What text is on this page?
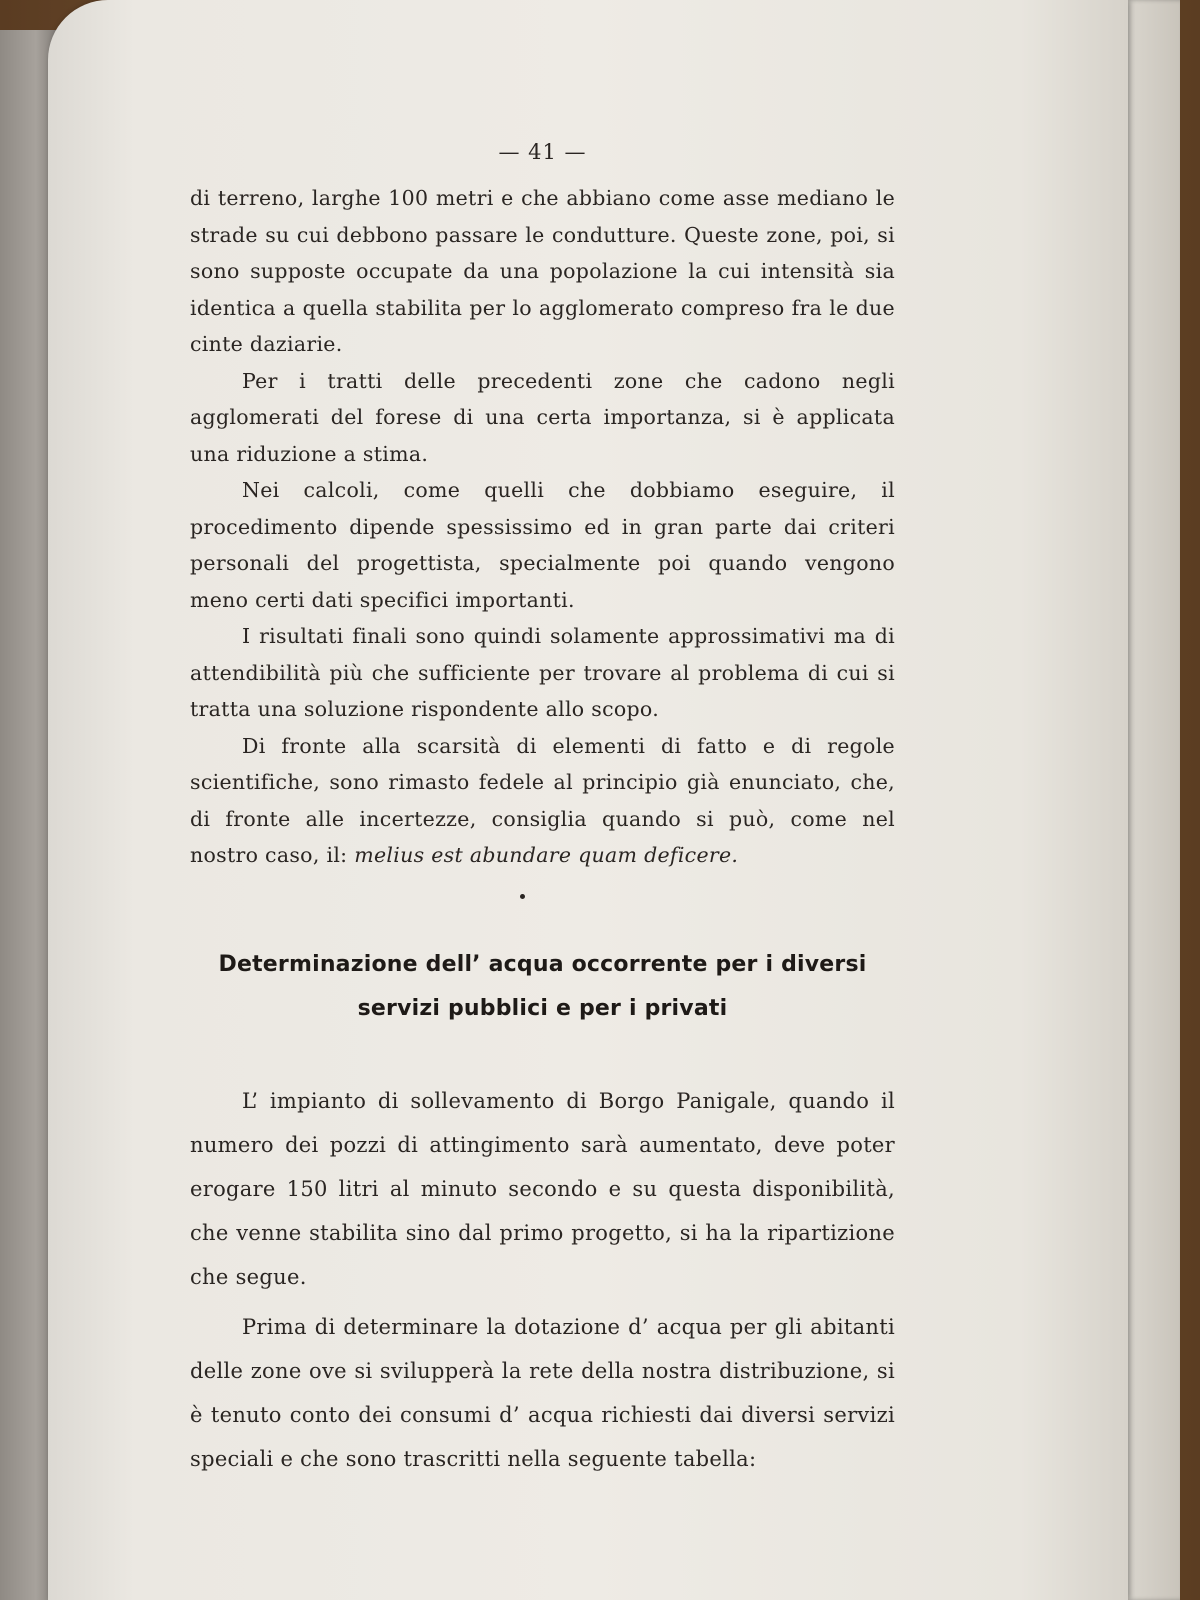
— 41 —

di terreno, larghe 100 metri e che abbiano come asse mediano le strade su cui debbono passare le condutture. Queste zone, poi, si sono supposte occupate da una popolazione la cui intensità sia identica a quella stabilita per lo agglomerato compreso fra le due cinte daziarie.

Per i tratti delle precedenti zone che cadono negli agglomerati del forese di una certa importanza, si è applicata una riduzione a stima.

Nei calcoli, come quelli che dobbiamo eseguire, il procedimento dipende spessissimo ed in gran parte dai criteri personali del progettista, specialmente poi quando vengono meno certi dati specifici importanti.

I risultati finali sono quindi solamente approssimativi ma di attendibilità più che sufficiente per trovare al problema di cui si tratta una soluzione rispondente allo scopo.

Di fronte alla scarsità di elementi di fatto e di regole scientifiche, sono rimasto fedele al principio già enunciato, che, di fronte alle incertezze, consiglia quando si può, come nel nostro caso, il: melius est abundare quam deficere.

Determinazione dell’ acqua occorrente per i diversi
servizi pubblici e per i privati

L’ impianto di sollevamento di Borgo Panigale, quando il numero dei pozzi di attingimento sarà aumentato, deve poter erogare 150 litri al minuto secondo e su questa disponibilità, che venne stabilita sino dal primo progetto, si ha la ripartizione che segue.

Prima di determinare la dotazione d’ acqua per gli abitanti delle zone ove si svilupperà la rete della nostra distribuzione, si è tenuto conto dei consumi d’ acqua richiesti dai diversi servizi speciali e che sono trascritti nella seguente tabella:
